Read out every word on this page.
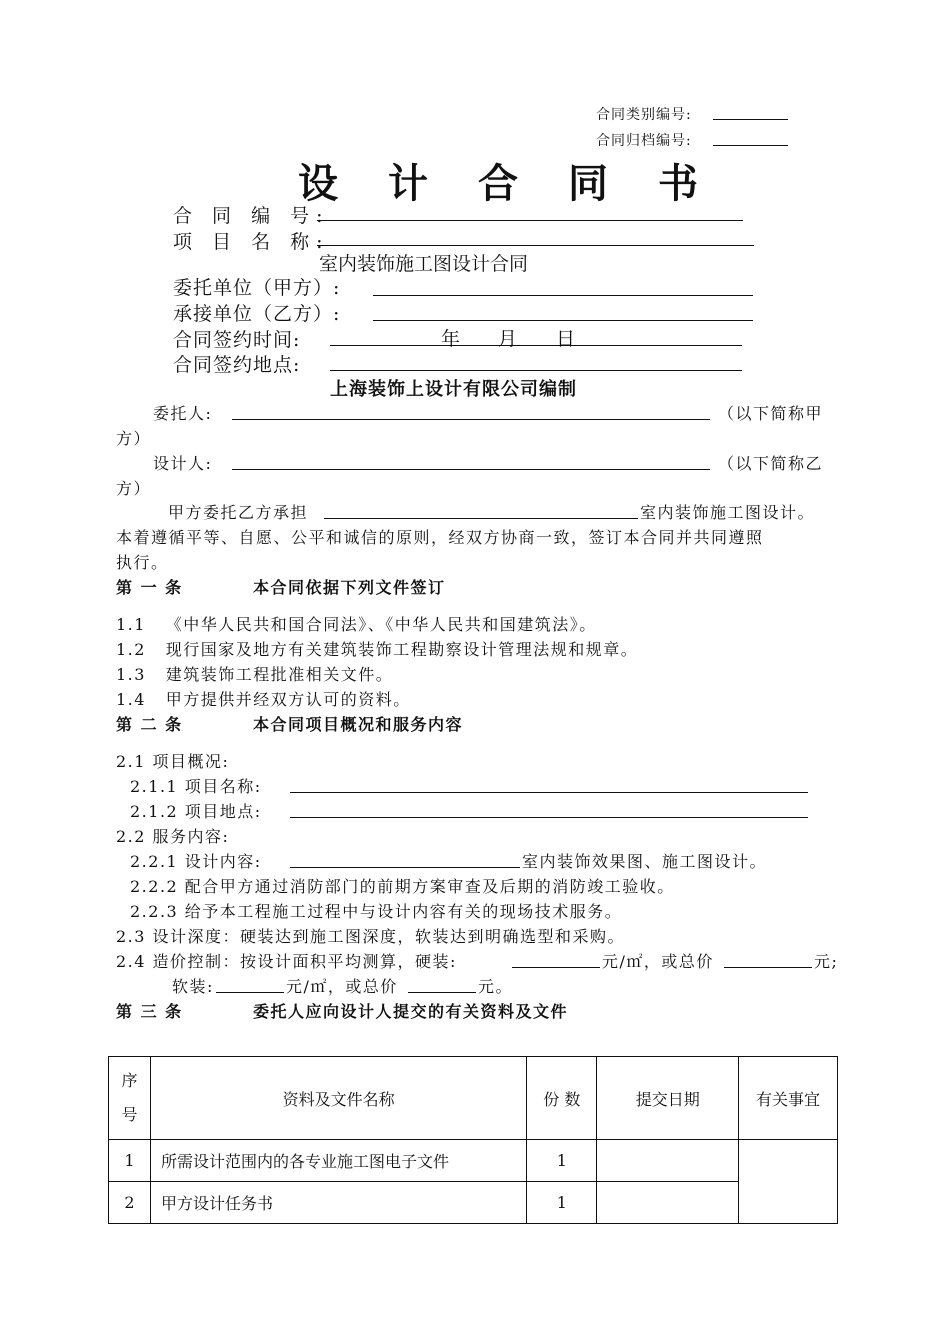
合同类别编号:
合同归档编号:
设计合同书
合 同 编 号:
项 目 名 称:
室内装饰施工图设计合同
委托单位（甲方）:
承接单位（乙方）:
合同签约时间:	年 月 日
合同签约地点:
上海装饰上设计有限公司编制
委托人:	（以下简称甲
方）
设计人:	（以下简称乙
方）
甲方委托乙方承担	室内装饰施工图设计。
本着遵循平等、自愿、公平和诚信的原则，经双方协商一致，签订本合同并共同遵照
执行。
第 一 条	本合同依据下列文件签订
1.1 《中华人民共和国合同法》、《中华人民共和国建筑法》。
1.2 现行国家及地方有关建筑装饰工程勘察设计管理法规和规章。
1.3 建筑装饰工程批准相关文件。
1.4 甲方提供并经双方认可的资料。
第 二 条	本合同项目概况和服务内容
2.1 项目概况:
2.1.1 项目名称:
2.1.2 项目地点:
2.2 服务内容:
2.2.1 设计内容:	室内装饰效果图、施工图设计。
2.2.2 配合甲方通过消防部门的前期方案审查及后期的消防竣工验收。
2.2.3 给予本工程施工过程中与设计内容有关的现场技术服务。
2.3 设计深度：硬装达到施工图深度，软装达到明确选型和采购。
2.4 造价控制：按设计面积平均测算，硬装:	元/㎡，或总价	元;
软装:	元/㎡，或总价	元。
第 三 条	委托人应向设计人提交的有关资料及文件
序
号	资料及文件名称	份 数	提交日期	有关事宜
1	所需设计范围内的各专业施工图电子文件	1		
2	甲方设计任务书	1		
